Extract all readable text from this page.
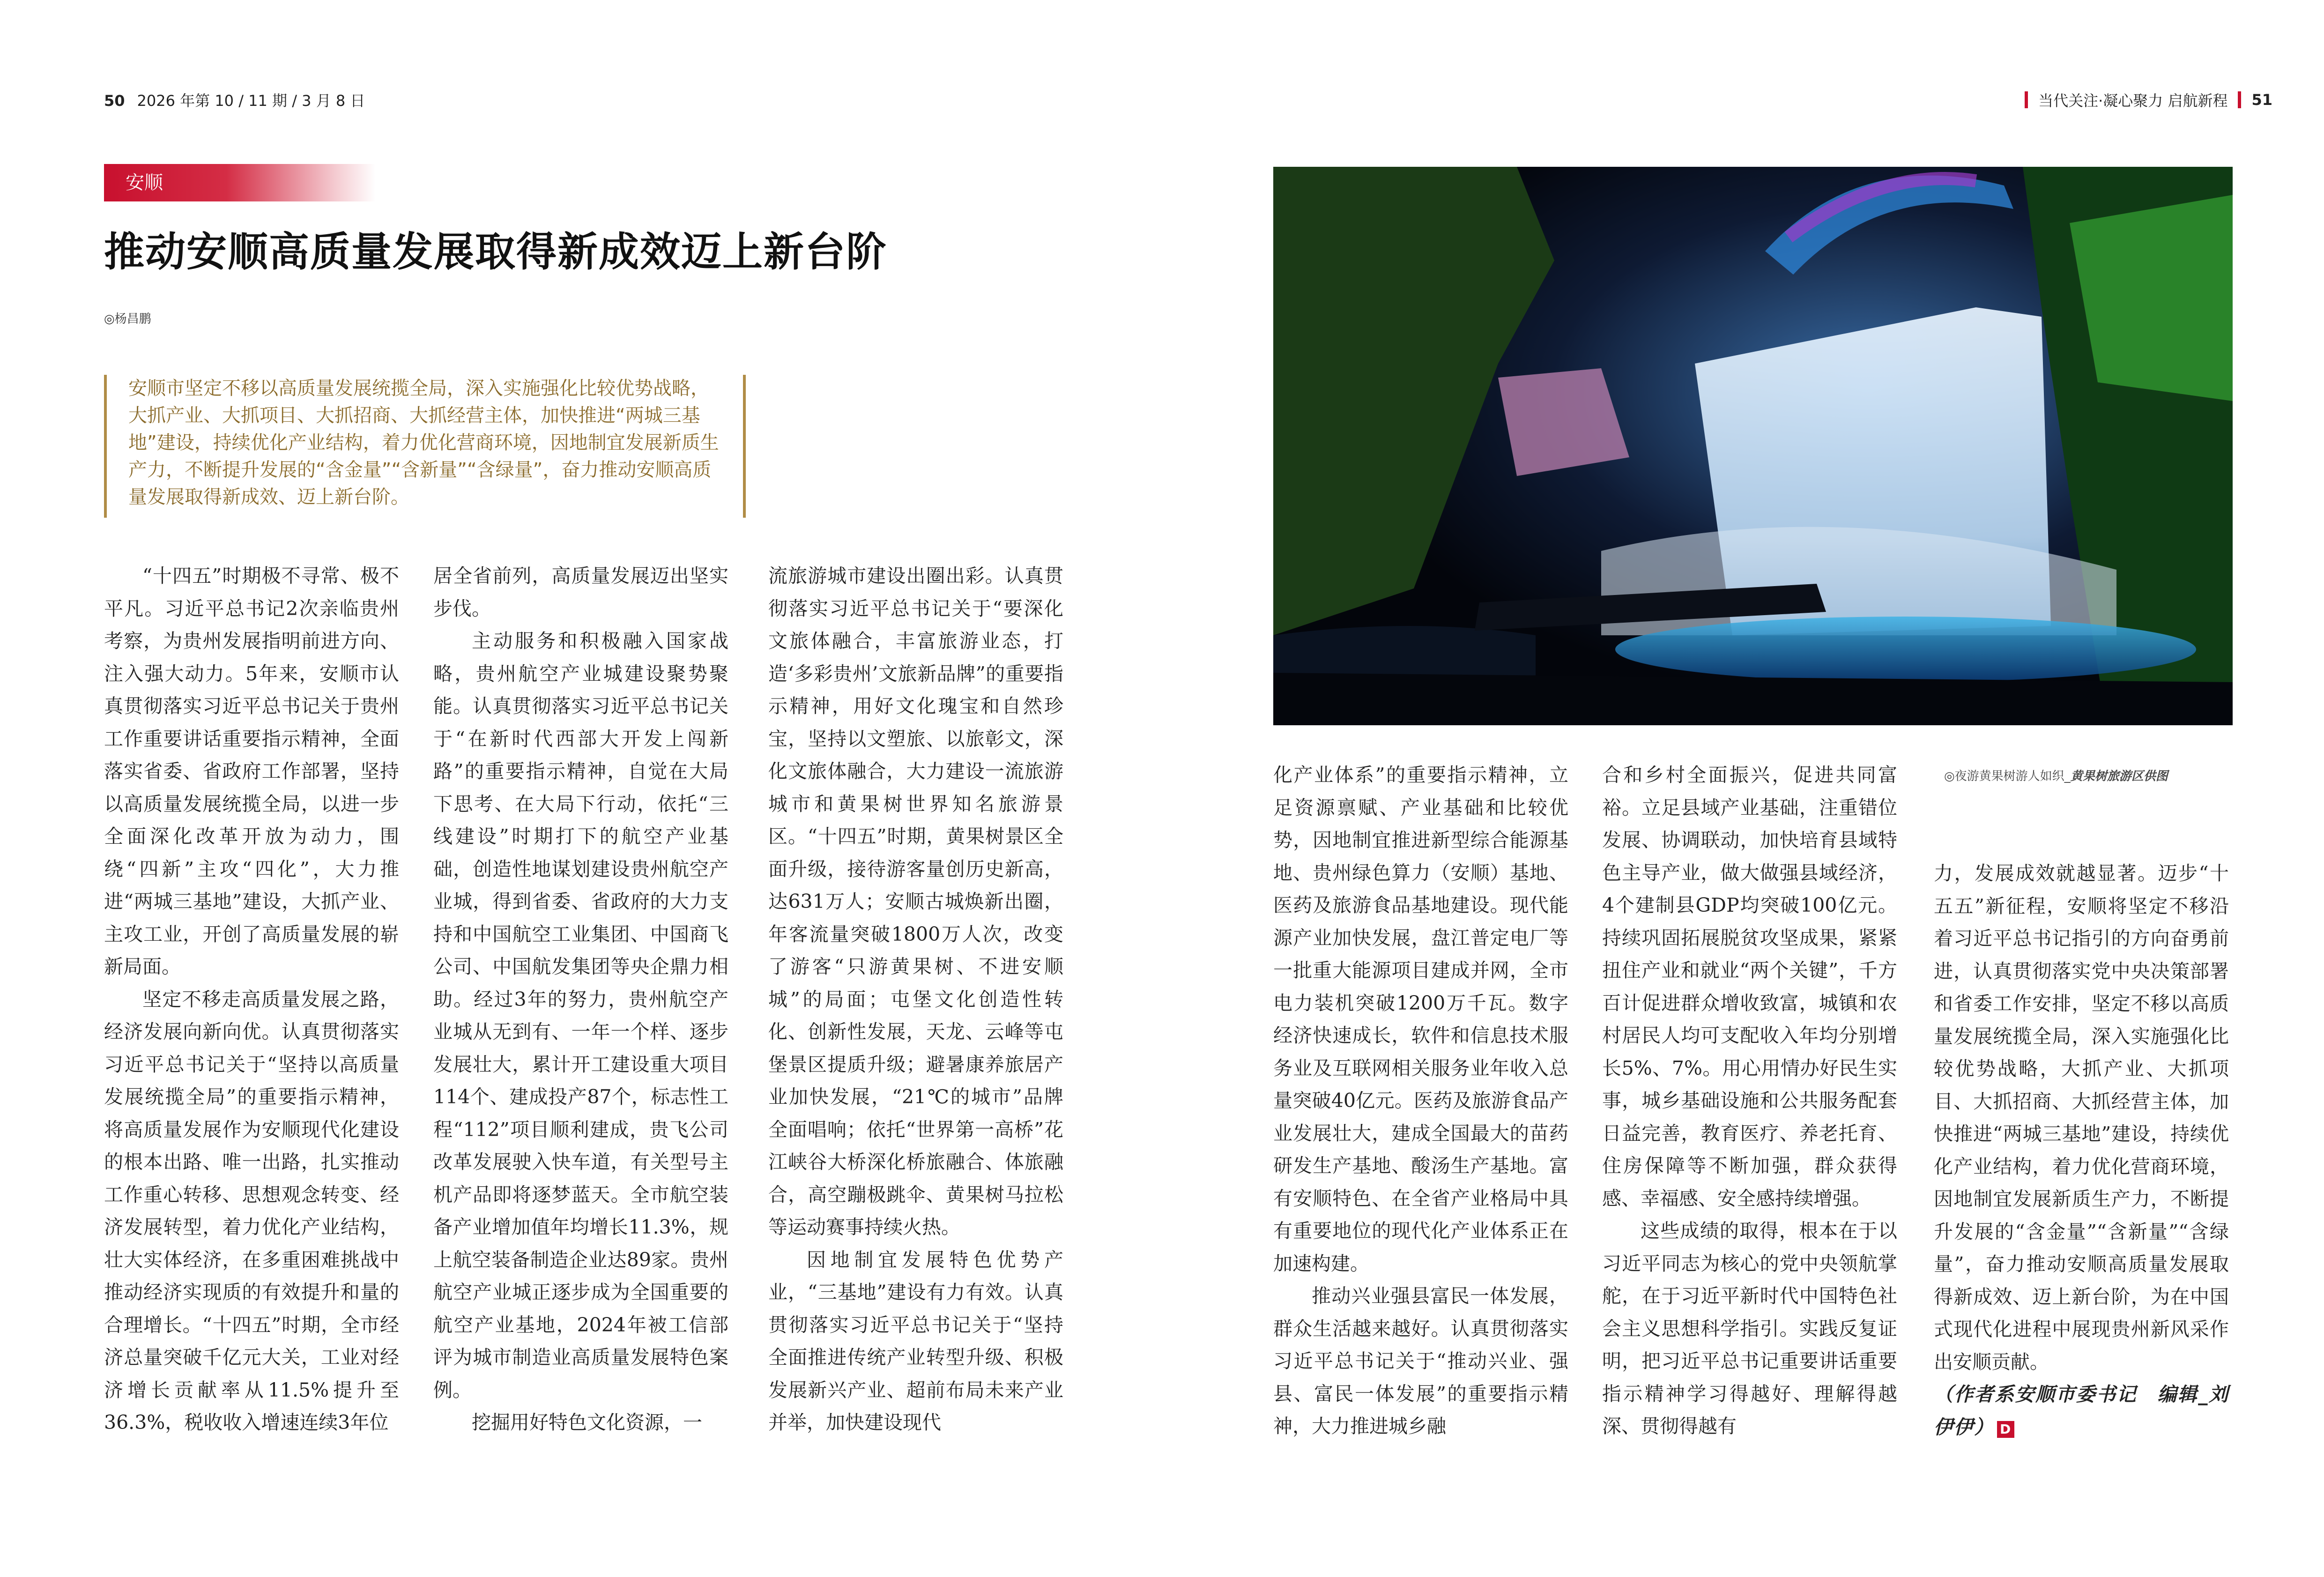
50 2026 年第 10 / 11 期 / 3 月 8 日	当代关注·凝心聚力 启航新程 51
安顺
推动安顺高质量发展取得新成效迈上新台阶
◎杨昌鹏
安顺市坚定不移以高质量发展统揽全局，深入实施强化比较优势战略，大抓产业、大抓项目、大抓招商、大抓经营主体，加快推进“两城三基地”建设，持续优化产业结构，着力优化营商环境，因地制宜发展新质生产力，不断提升发展的“含金量”“含新量”“含绿量”，奋力推动安顺高质量发展取得新成效、迈上新台阶。

“十四五”时期极不寻常、极不平凡。习近平总书记2次亲临贵州考察，为贵州发展指明前进方向、注入强大动力。5年来，安顺市认真贯彻落实习近平总书记关于贵州工作重要讲话重要指示精神，全面落实省委、省政府工作部署，坚持以高质量发展统揽全局，以进一步全面深化改革开放为动力，围绕“四新”主攻“四化”，大力推进“两城三基地”建设，大抓产业、主攻工业，开创了高质量发展的崭新局面。

坚定不移走高质量发展之路，经济发展向新向优。认真贯彻落实习近平总书记关于“坚持以高质量发展统揽全局”的重要指示精神，将高质量发展作为安顺现代化建设的根本出路、唯一出路，扎实推动工作重心转移、思想观念转变、经济发展转型，着力优化产业结构，壮大实体经济，在多重困难挑战中推动经济实现质的有效提升和量的合理增长。“十四五”时期，全市经济总量突破千亿元大关，工业对经济增长贡献率从11.5%提升至36.3%，税收收入增速连续3年位

居全省前列，高质量发展迈出坚实步伐。

主动服务和积极融入国家战略，贵州航空产业城建设聚势聚能。认真贯彻落实习近平总书记关于“在新时代西部大开发上闯新路”的重要指示精神，自觉在大局下思考、在大局下行动，依托“三线建设”时期打下的航空产业基础，创造性地谋划建设贵州航空产业城，得到省委、省政府的大力支持和中国航空工业集团、中国商飞公司、中国航发集团等央企鼎力相助。经过3年的努力，贵州航空产业城从无到有、一年一个样、逐步发展壮大，累计开工建设重大项目114个、建成投产87个，标志性工程“112”项目顺利建成，贵飞公司改革发展驶入快车道，有关型号主机产品即将逐梦蓝天。全市航空装备产业增加值年均增长11.3%，规上航空装备制造企业达89家。贵州航空产业城正逐步成为全国重要的航空产业基地，2024年被工信部评为城市制造业高质量发展特色案例。

挖掘用好特色文化资源，一

流旅游城市建设出圈出彩。认真贯彻落实习近平总书记关于“要深化文旅体融合，丰富旅游业态，打造‘多彩贵州’文旅新品牌”的重要指示精神，用好文化瑰宝和自然珍宝，坚持以文塑旅、以旅彰文，深化文旅体融合，大力建设一流旅游城市和黄果树世界知名旅游景区。“十四五”时期，黄果树景区全面升级，接待游客量创历史新高，达631万人；安顺古城焕新出圈，年客流量突破1800万人次，改变了游客“只游黄果树、不进安顺城”的局面；屯堡文化创造性转化、创新性发展，天龙、云峰等屯堡景区提质升级；避暑康养旅居产业加快发展，“21℃的城市”品牌全面唱响；依托“世界第一高桥”花江峡谷大桥深化桥旅融合、体旅融合，高空蹦极跳伞、黄果树马拉松等运动赛事持续火热。

因地制宜发展特色优势产业，“三基地”建设有力有效。认真贯彻落实习近平总书记关于“坚持全面推进传统产业转型升级、积极发展新兴产业、超前布局未来产业并举，加快建设现代

化产业体系”的重要指示精神，立足资源禀赋、产业基础和比较优势，因地制宜推进新型综合能源基地、贵州绿色算力（安顺）基地、医药及旅游食品基地建设。现代能源产业加快发展，盘江普定电厂等一批重大能源项目建成并网，全市电力装机突破1200万千瓦。数字经济快速成长，软件和信息技术服务业及互联网相关服务业年收入总量突破40亿元。医药及旅游食品产业发展壮大，建成全国最大的苗药研发生产基地、酸汤生产基地。富有安顺特色、在全省产业格局中具有重要地位的现代化产业体系正在加速构建。

推动兴业强县富民一体发展，群众生活越来越好。认真贯彻落实习近平总书记关于“推动兴业、强县、富民一体发展”的重要指示精神，大力推进城乡融

合和乡村全面振兴，促进共同富裕。立足县域产业基础，注重错位发展、协调联动，加快培育县域特色主导产业，做大做强县域经济，4个建制县GDP均突破100亿元。持续巩固拓展脱贫攻坚成果，紧紧扭住产业和就业“两个关键”，千方百计促进群众增收致富，城镇和农村居民人均可支配收入年均分别增长5%、7%。用心用情办好民生实事，城乡基础设施和公共服务配套日益完善，教育医疗、养老托育、住房保障等不断加强，群众获得感、幸福感、安全感持续增强。

这些成绩的取得，根本在于以习近平同志为核心的党中央领航掌舵，在于习近平新时代中国特色社会主义思想科学指引。实践反复证明，把习近平总书记重要讲话重要指示精神学习得越好、理解得越深、贯彻得越有

◎夜游黄果树游人如织_黄果树旅游区供图

力，发展成效就越显著。迈步“十五五”新征程，安顺将坚定不移沿着习近平总书记指引的方向奋勇前进，认真贯彻落实党中央决策部署和省委工作安排，坚定不移以高质量发展统揽全局，深入实施强化比较优势战略，大抓产业、大抓项目、大抓招商、大抓经营主体，加快推进“两城三基地”建设，持续优化产业结构，着力优化营商环境，因地制宜发展新质生产力，不断提升发展的“含金量”“含新量”“含绿量”，奋力推动安顺高质量发展取得新成效、迈上新台阶，为在中国式现代化进程中展现贵州新风采作出安顺贡献。

（作者系安顺市委书记　编辑_刘伊伊） D
